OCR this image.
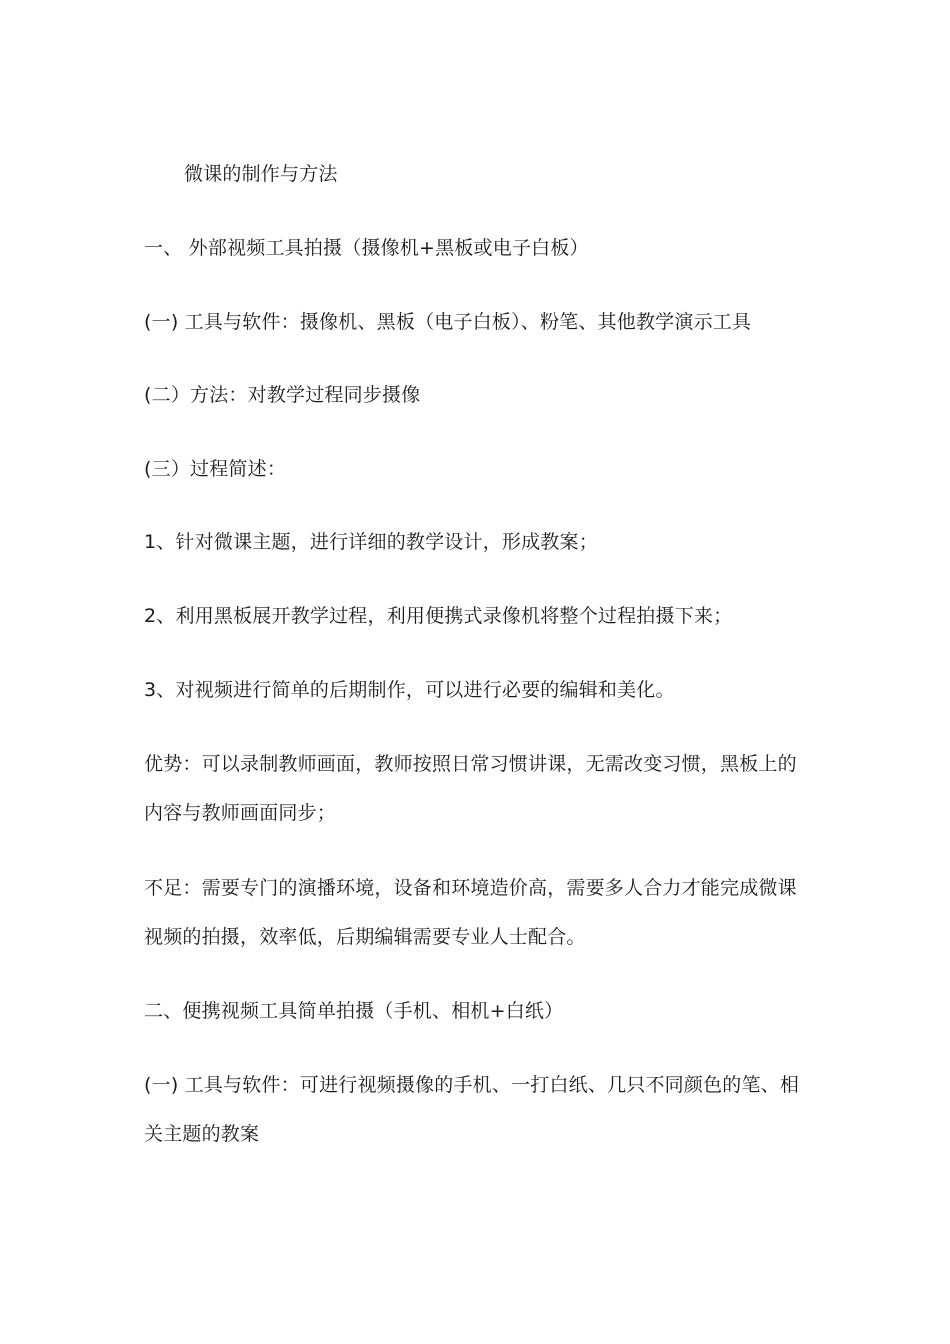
微课的制作与方法
一、 外部视频工具拍摄（摄像机+黑板或电子白板）
(一) 工具与软件：摄像机、黑板（电子白板）、粉笔、其他教学演示工具
(二）方法：对教学过程同步摄像
(三）过程简述：
1、针对微课主题，进行详细的教学设计，形成教案；
2、利用黑板展开教学过程，利用便携式录像机将整个过程拍摄下来；
3、对视频进行简单的后期制作，可以进行必要的编辑和美化。
优势：可以录制教师画面，教师按照日常习惯讲课，无需改变习惯，黑板上的
内容与教师画面同步；
不足：需要专门的演播环境，设备和环境造价高，需要多人合力才能完成微课
视频的拍摄，效率低，后期编辑需要专业人士配合。
二、便携视频工具简单拍摄（手机、相机+白纸）
(一) 工具与软件：可进行视频摄像的手机、一打白纸、几只不同颜色的笔、相
关主题的教案
